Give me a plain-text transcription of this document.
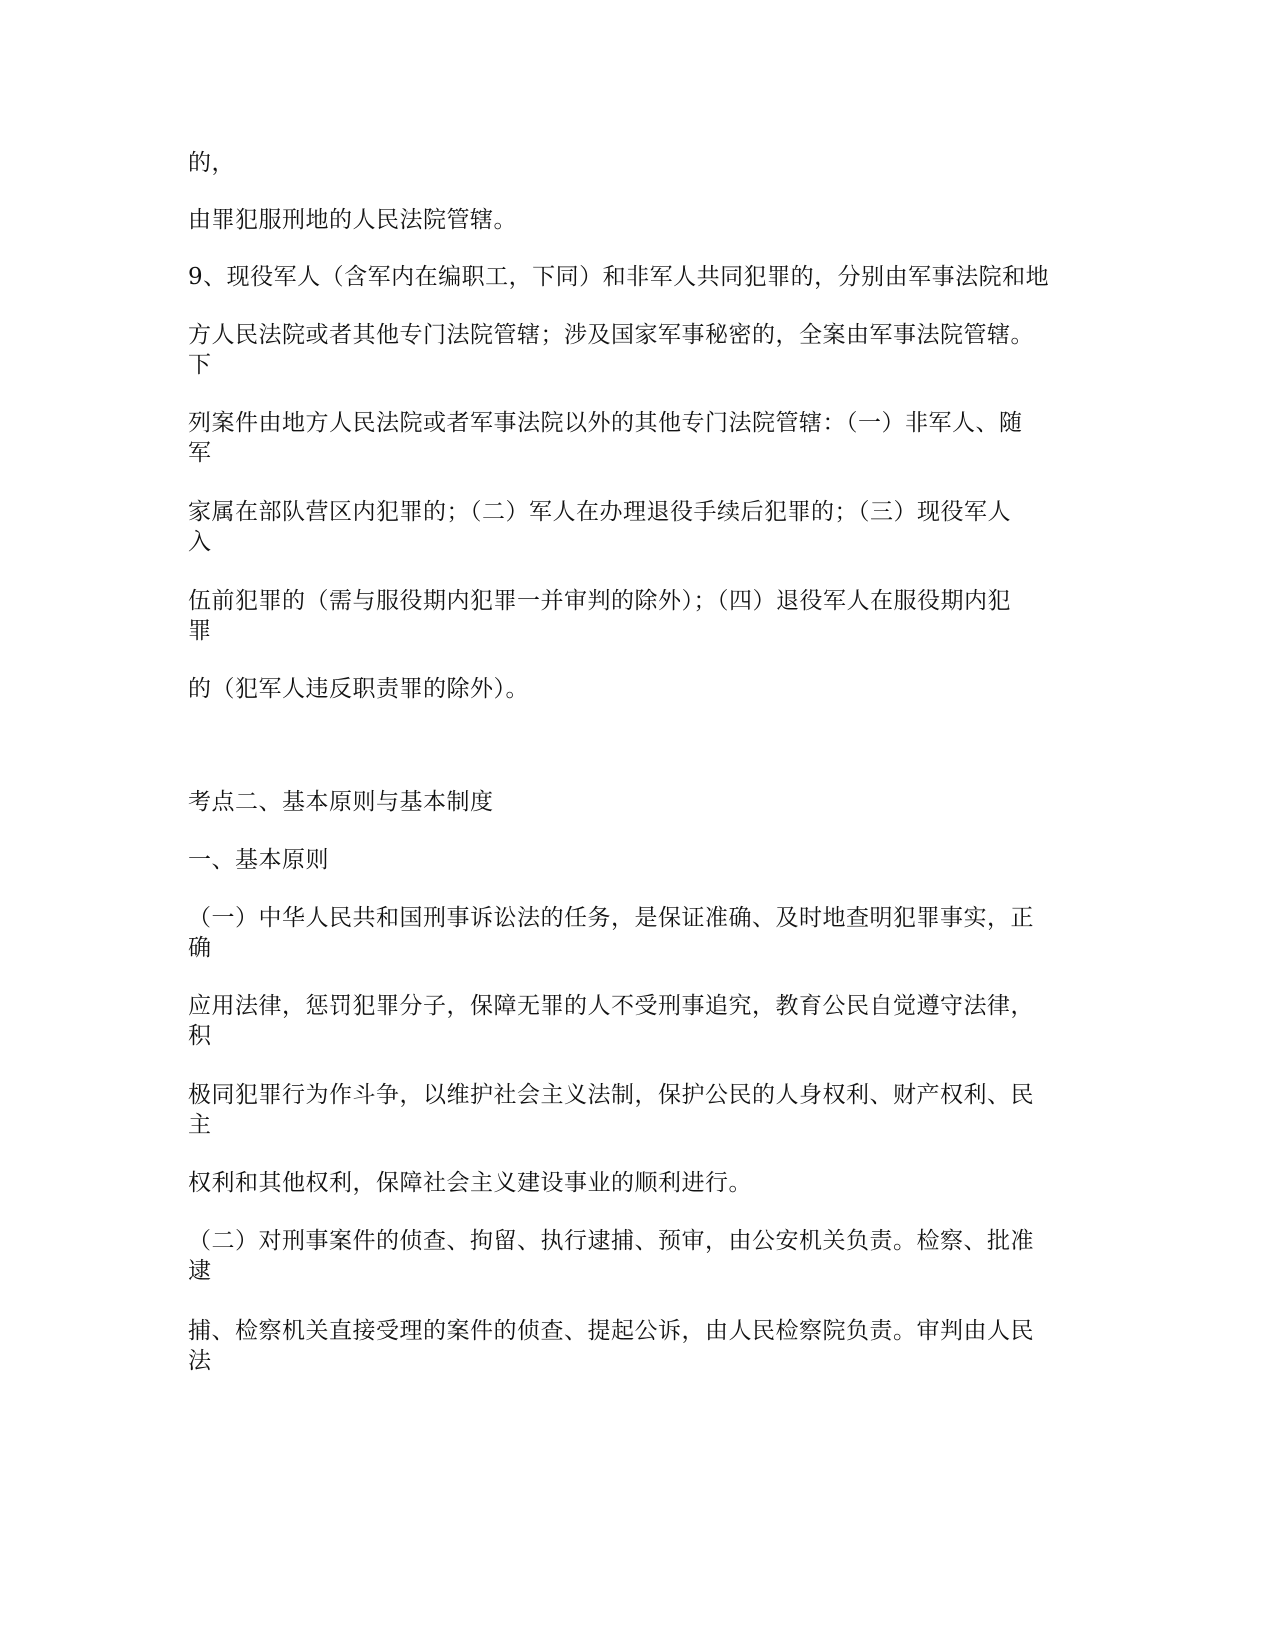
的，
由罪犯服刑地的人民法院管辖。
9、现役军人（含军内在编职工，下同）和非军人共同犯罪的，分别由军事法院和地
方人民法院或者其他专门法院管辖；涉及国家军事秘密的，全案由军事法院管辖。
下
列案件由地方人民法院或者军事法院以外的其他专门法院管辖：（一）非军人、随
军
家属在部队营区内犯罪的；（二）军人在办理退役手续后犯罪的；（三）现役军人
入
伍前犯罪的（需与服役期内犯罪一并审判的除外）；（四）退役军人在服役期内犯
罪
的（犯军人违反职责罪的除外）。
考点二、基本原则与基本制度
一、基本原则
（一）中华人民共和国刑事诉讼法的任务，是保证准确、及时地查明犯罪事实，正
确
应用法律，惩罚犯罪分子，保障无罪的人不受刑事追究，教育公民自觉遵守法律，
积
极同犯罪行为作斗争，以维护社会主义法制，保护公民的人身权利、财产权利、民
主
权利和其他权利，保障社会主义建设事业的顺利进行。
（二）对刑事案件的侦查、拘留、执行逮捕、预审，由公安机关负责。检察、批准
逮
捕、检察机关直接受理的案件的侦查、提起公诉，由人民检察院负责。审判由人民
法
